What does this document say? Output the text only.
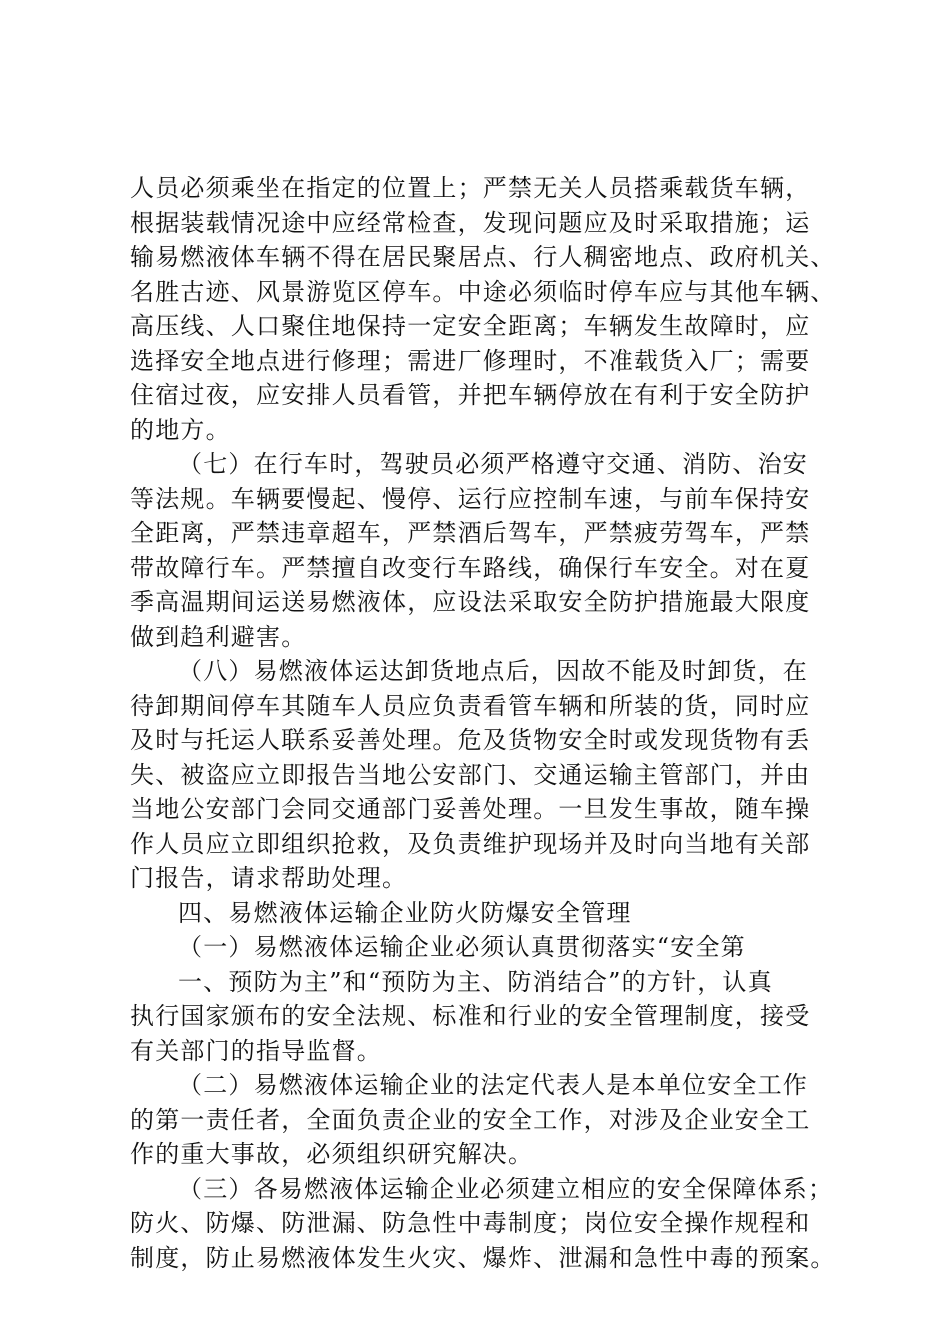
人员必须乘坐在指定的位置上；严禁无关人员搭乘载货车辆，
根据装载情况途中应经常检查，发现问题应及时采取措施；运
输易燃液体车辆不得在居民聚居点、行人稠密地点、政府机关、
名胜古迹、风景游览区停车。中途必须临时停车应与其他车辆、
高压线、人口聚住地保持一定安全距离；车辆发生故障时，应
选择安全地点进行修理；需进厂修理时，不准载货入厂；需要
住宿过夜，应安排人员看管，并把车辆停放在有利于安全防护
的地方。
（七）在行车时，驾驶员必须严格遵守交通、消防、治安
等法规。车辆要慢起、慢停、运行应控制车速，与前车保持安
全距离，严禁违章超车，严禁酒后驾车，严禁疲劳驾车，严禁
带故障行车。严禁擅自改变行车路线，确保行车安全。对在夏
季高温期间运送易燃液体，应设法采取安全防护措施最大限度
做到趋利避害。
（八）易燃液体运达卸货地点后，因故不能及时卸货，在
待卸期间停车其随车人员应负责看管车辆和所装的货，同时应
及时与托运人联系妥善处理。危及货物安全时或发现货物有丢
失、被盗应立即报告当地公安部门、交通运输主管部门，并由
当地公安部门会同交通部门妥善处理。一旦发生事故，随车操
作人员应立即组织抢救，及负责维护现场并及时向当地有关部
门报告，请求帮助处理。
四、易燃液体运输企业防火防爆安全管理
（一）易燃液体运输企业必须认真贯彻落实“安全第
一、预防为主”和“预防为主、防消结合”的方针，认真
执行国家颁布的安全法规、标准和行业的安全管理制度，接受
有关部门的指导监督。
（二）易燃液体运输企业的法定代表人是本单位安全工作
的第一责任者，全面负责企业的安全工作，对涉及企业安全工
作的重大事故，必须组织研究解决。
（三）各易燃液体运输企业必须建立相应的安全保障体系；
防火、防爆、防泄漏、防急性中毒制度；岗位安全操作规程和
制度，防止易燃液体发生火灾、爆炸、泄漏和急性中毒的预案。
